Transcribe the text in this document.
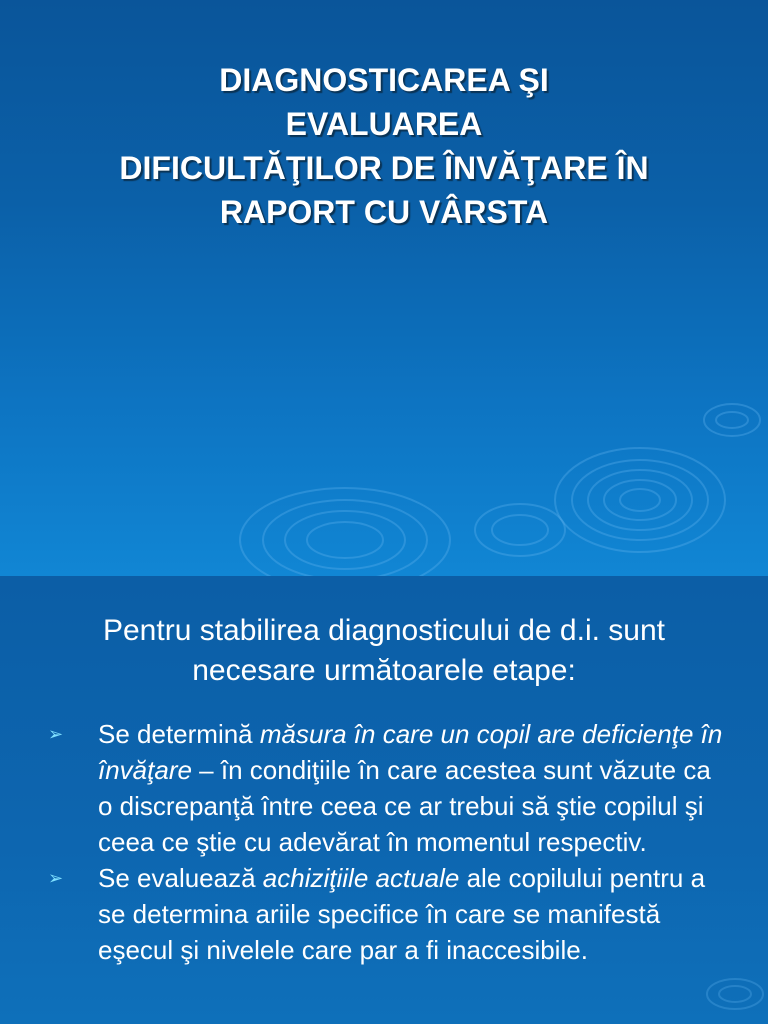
DIAGNOSTICAREA ŞI
EVALUAREA
DIFICULTĂŢILOR DE ÎNVĂŢARE ÎN
RAPORT CU VÂRSTA

Pentru stabilirea diagnosticului de d.i. sunt
necesare următoarele etape:

➢ Se determină măsura în care un copil are deficienţe în învăţare – în condiţiile în care acestea sunt văzute ca o discrepanţă între ceea ce ar trebui să ştie copilul şi ceea ce ştie cu adevărat în momentul respectiv.
➢ Se evaluează achiziţiile actuale ale copilului pentru a se determina ariile specifice în care se manifestă eşecul şi nivelele care par a fi inaccesibile.
